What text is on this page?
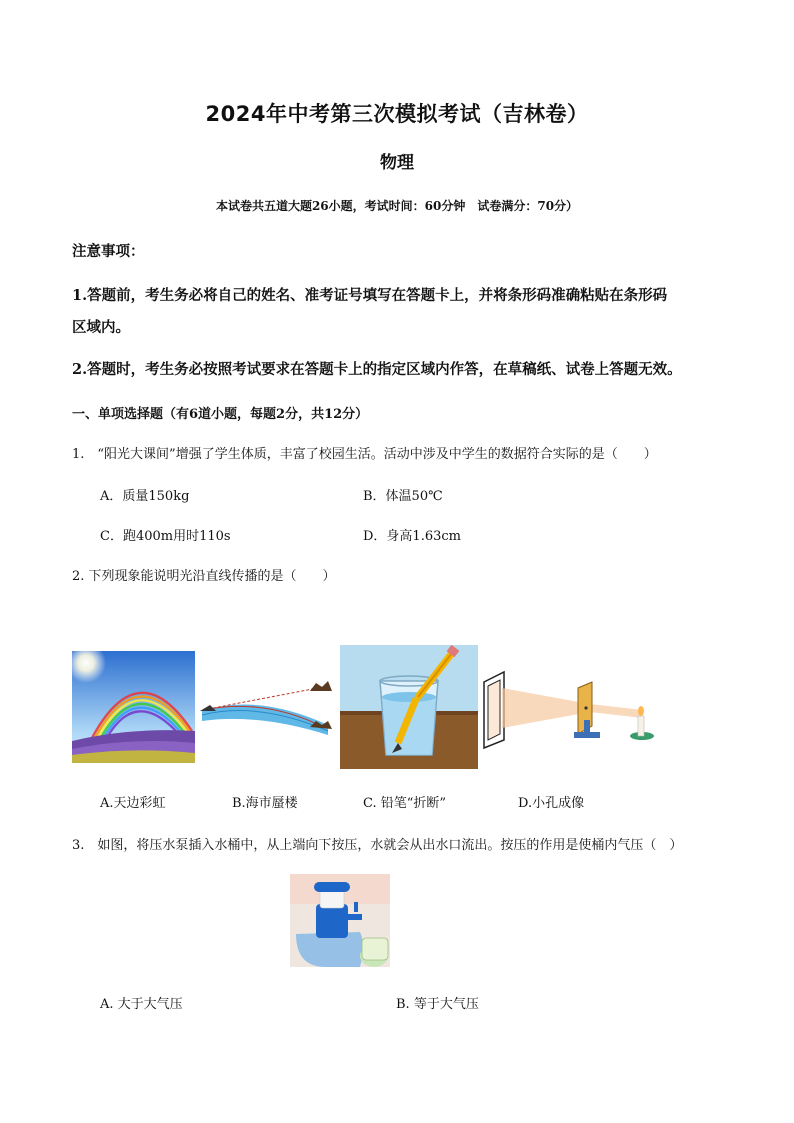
2024年中考第三次模拟考试（吉林卷）
物理
本试卷共五道大题26小题，考试时间：60分钟　试卷满分：70分）
注意事项：
1.答题前，考生务必将自己的姓名、准考证号填写在答题卡上，并将条形码准确粘贴在条形码
区域内。
2.答题时，考生务必按照考试要求在答题卡上的指定区域内作答，在草稿纸、试卷上答题无效。
一、单项选择题（有6道小题，每题2分，共12分）
1.　“阳光大课间”增强了学生体质，丰富了校园生活。活动中涉及中学生的数据符合实际的是（　　）
A．质量150kg	B．体温50℃
C．跑400m用时110s	D．身高1.63cm
2. 下列现象能说明光沿直线传播的是（　　）
A.天边彩虹	B.海市蜃楼	C. 铅笔“折断”	D.小孔成像
3.　如图，将压水泵插入水桶中，从上端向下按压，水就会从出水口流出。按压的作用是使桶内气压（　）
A. 大于大气压	B. 等于大气压
